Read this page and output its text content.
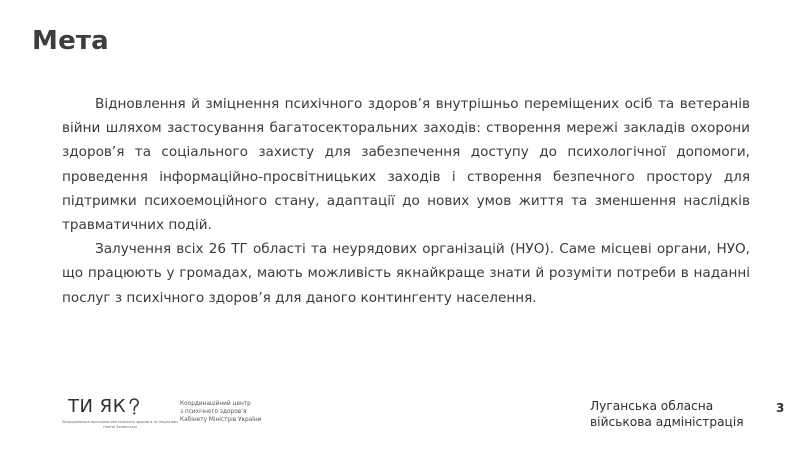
Мета

Відновлення й зміцнення психічного здоров’я внутрішньо переміщених осіб та ветеранів війни шляхом застосування багатосекторальних заходів: створення мережі закладів охорони здоров’я та соціального захисту для забезпечення доступу до психологічної допомоги, проведення інформаційно-просвітницьких заходів і створення безпечного простору для підтримки психоемоційного стану, адаптації до нових умов життя та зменшення наслідків травматичних подій.

Залучення всіх 26 ТГ області та неурядових організацій (НУО). Саме місцеві органи, НУО, що працюють у громадах, мають можливість якнайкраще знати й розуміти потреби в наданні послуг з психічного здоров’я для даного контингенту населення.

ТИ ЯК
Всеукраїнська програма ментального здоров’я за ініціативи Олени Зеленської
Координаційний центр
з психічного здоров’я
Кабінету Міністрів України
Луганська обласна
військова адміністрація
3
